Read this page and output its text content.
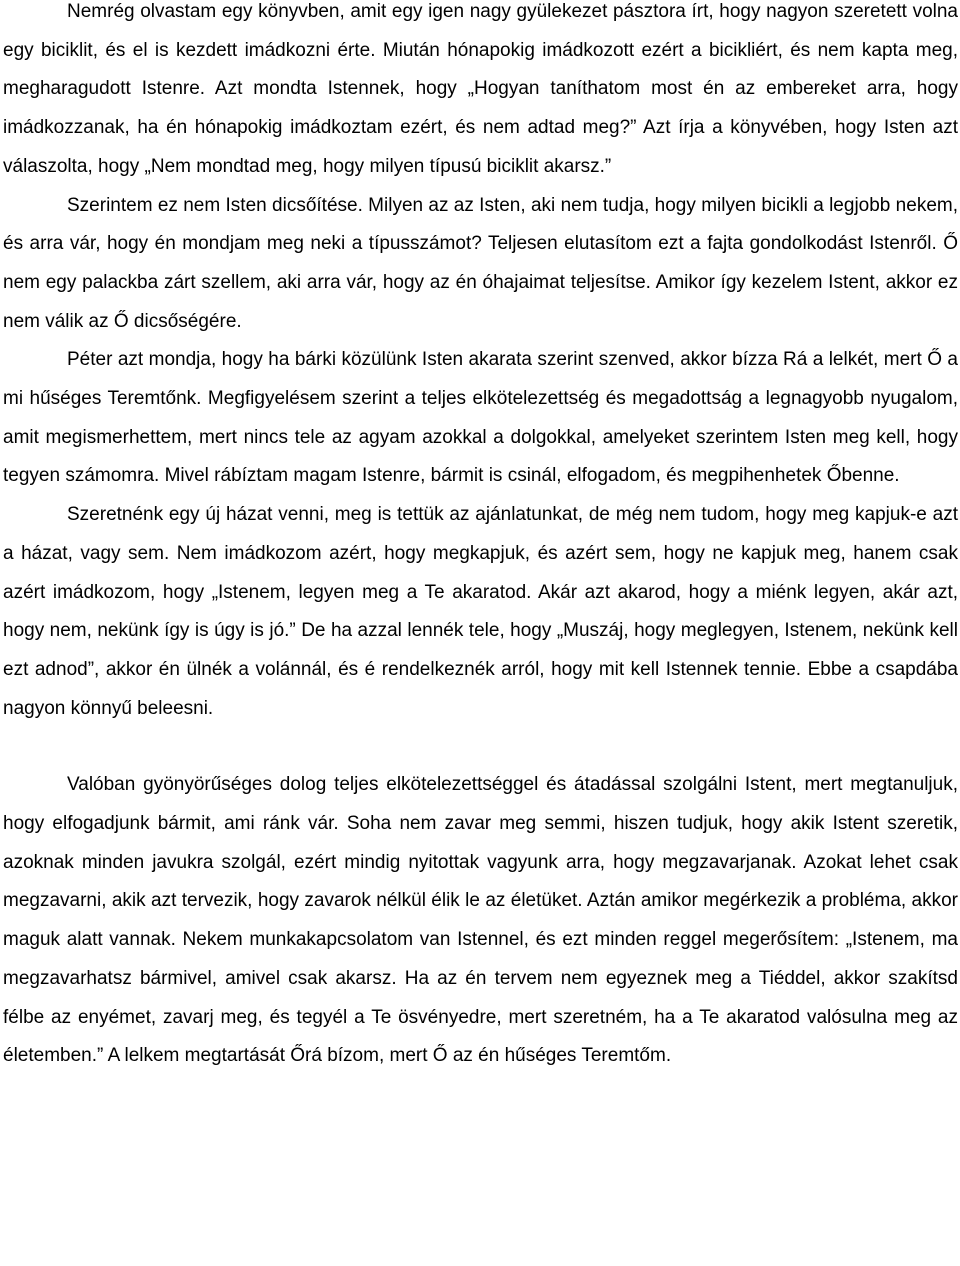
Nemrég olvastam egy könyvben, amit egy igen nagy gyülekezet pásztora írt, hogy nagyon szeretett volna egy biciklit, és el is kezdett imádkozni érte. Miután hónapokig imádkozott ezért a bicikliért, és nem kapta meg, megharagudott Istenre. Azt mondta Istennek, hogy „Hogyan taníthatom most én az embereket arra, hogy imádkozzanak, ha én hónapokig imádkoztam ezért, és nem adtad meg?” Azt írja a könyvében, hogy Isten azt válaszolta, hogy „Nem mondtad meg, hogy milyen típusú biciklit akarsz.”

Szerintem ez nem Isten dicsőítése. Milyen az az Isten, aki nem tudja, hogy milyen bicikli a legjobb nekem, és arra vár, hogy én mondjam meg neki a típusszámot? Teljesen elutasítom ezt a fajta gondolkodást Istenről. Ő nem egy palackba zárt szellem, aki arra vár, hogy az én óhajaimat teljesítse. Amikor így kezelem Istent, akkor ez nem válik az Ő dicsőségére.

Péter azt mondja, hogy ha bárki közülünk Isten akarata szerint szenved, akkor bízza Rá a lelkét, mert Ő a mi hűséges Teremtőnk. Megfigyelésem szerint a teljes elkötelezettség és megadottság a legnagyobb nyugalom, amit megismerhettem, mert nincs tele az agyam azokkal a dolgokkal, amelyeket szerintem Isten meg kell, hogy tegyen számomra. Mivel rábíztam magam Istenre, bármit is csinál, elfogadom, és megpihenhetek Őbenne.

Szeretnénk egy új házat venni, meg is tettük az ajánlatunkat, de még nem tudom, hogy meg kapjuk-e azt a házat, vagy sem. Nem imádkozom azért, hogy megkapjuk, és azért sem, hogy ne kapjuk meg, hanem csak azért imádkozom, hogy „Istenem, legyen meg a Te akaratod. Akár azt akarod, hogy a miénk legyen, akár azt, hogy nem, nekünk így is úgy is jó.” De ha azzal lennék tele, hogy „Muszáj, hogy meglegyen, Istenem, nekünk kell ezt adnod”, akkor én ülnék a volánnál, és é rendelkeznék arról, hogy mit kell Istennek tennie. Ebbe a csapdába nagyon könnyű beleesni.

Valóban gyönyörűséges dolog teljes elkötelezettséggel és átadással szolgálni Istent, mert megtanuljuk, hogy elfogadjunk bármit, ami ránk vár. Soha nem zavar meg semmi, hiszen tudjuk, hogy akik Istent szeretik, azoknak minden javukra szolgál, ezért mindig nyitottak vagyunk arra, hogy megzavarjanak. Azokat lehet csak megzavarni, akik azt tervezik, hogy zavarok nélkül élik le az életüket. Aztán amikor megérkezik a probléma, akkor maguk alatt vannak. Nekem munkakapcsolatom van Istennel, és ezt minden reggel megerősítem: „Istenem, ma megzavarhatsz bármivel, amivel csak akarsz. Ha az én tervem nem egyeznek meg a Tiéddel, akkor szakítsd félbe az enyémet, zavarj meg, és tegyél a Te ösvényedre, mert szeretném, ha a Te akaratod valósulna meg az életemben.” A lelkem megtartását Őrá bízom, mert Ő az én hűséges Teremtőm.
